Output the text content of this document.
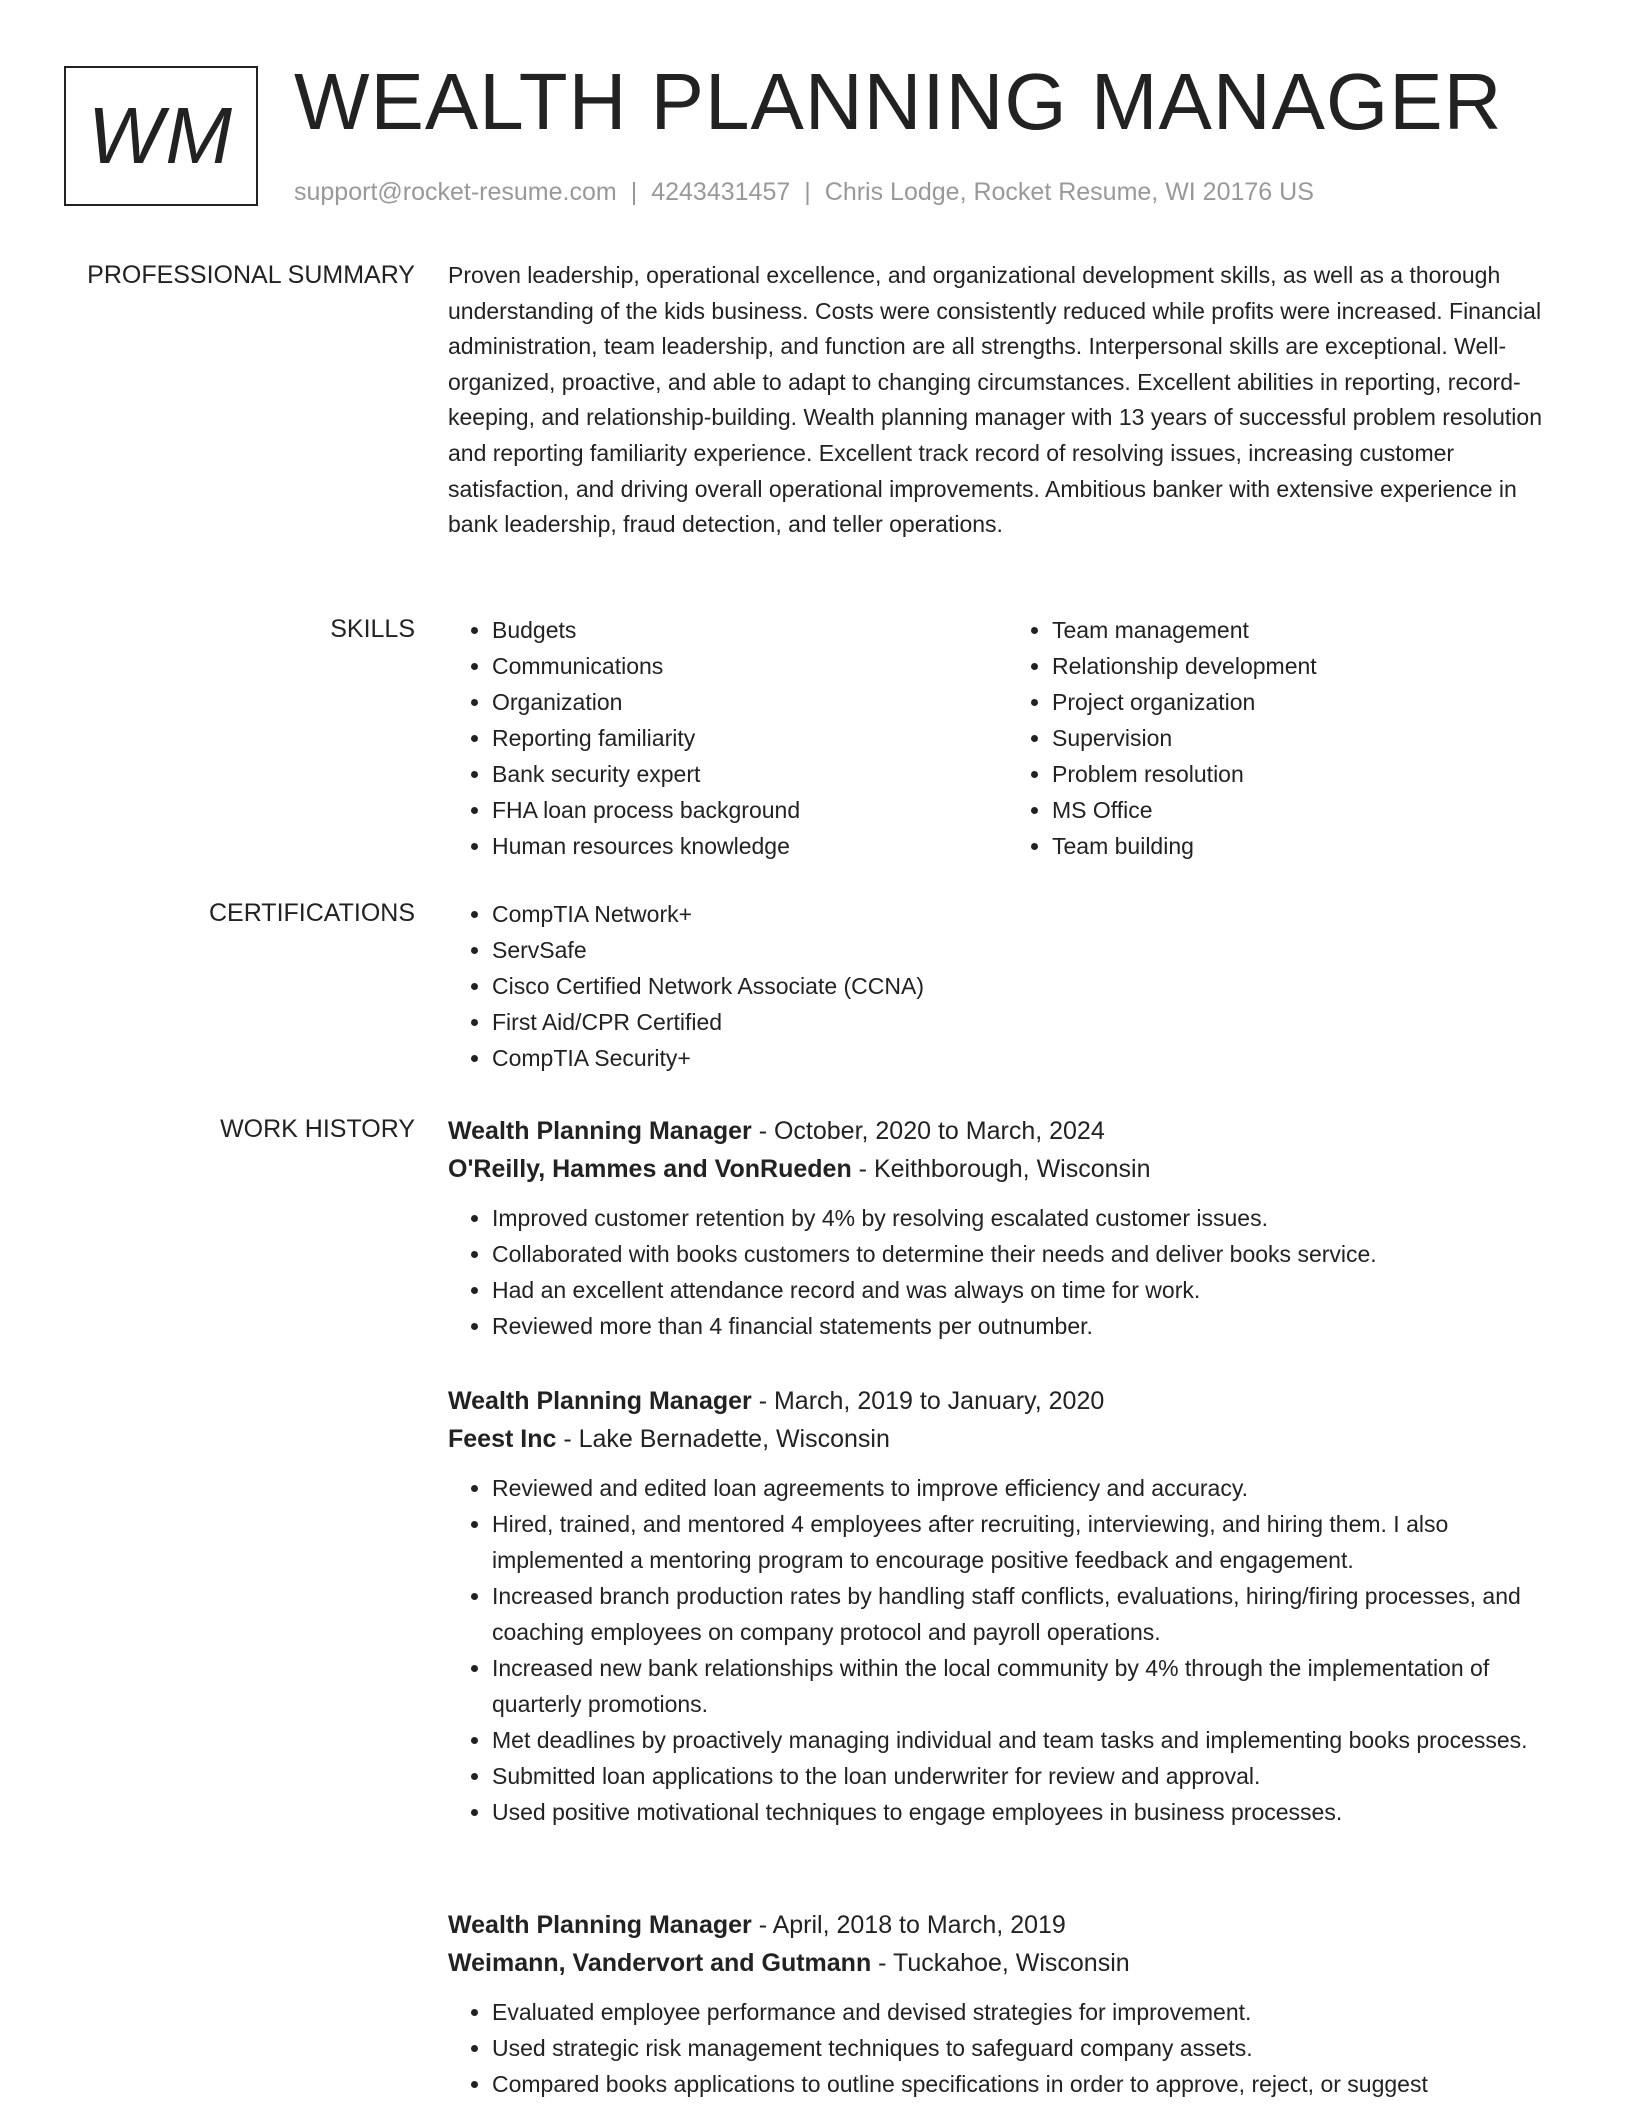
WM WEALTH PLANNING MANAGER
support@rocket-resume.com | 4243431457 | Chris Lodge, Rocket Resume, WI 20176 US
PROFESSIONAL SUMMARY Proven leadership, operational excellence, and organizational development skills, as well as a thorough understanding of the kids business. Costs were consistently reduced while profits were increased. Financial administration, team leadership, and function are all strengths. Interpersonal skills are exceptional. Well-organized, proactive, and able to adapt to changing circumstances. Excellent abilities in reporting, record-keeping, and relationship-building. Wealth planning manager with 13 years of successful problem resolution and reporting familiarity experience. Excellent track record of resolving issues, increasing customer satisfaction, and driving overall operational improvements. Ambitious banker with extensive experience in bank leadership, fraud detection, and teller operations.
SKILLS	• Budgets
• Communications
• Organization
• Reporting familiarity
• Bank security expert
• FHA loan process background
• Human resources knowledge
• Team management
• Relationship development
• Project organization
• Supervision
• Problem resolution
• MS Office
• Team building
CERTIFICATIONS	• CompTIA Network+
• ServSafe
• Cisco Certified Network Associate (CCNA)
• First Aid/CPR Certified
• CompTIA Security+
WORK HISTORY Wealth Planning Manager - October, 2020 to March, 2024
O'Reilly, Hammes and VonRueden - Keithborough, Wisconsin
• Improved customer retention by 4% by resolving escalated customer issues.
• Collaborated with books customers to determine their needs and deliver books service.
• Had an excellent attendance record and was always on time for work.
• Reviewed more than 4 financial statements per outnumber.
Wealth Planning Manager - March, 2019 to January, 2020
Feest Inc - Lake Bernadette, Wisconsin
• Reviewed and edited loan agreements to improve efficiency and accuracy.
• Hired, trained, and mentored 4 employees after recruiting, interviewing, and hiring them. I also implemented a mentoring program to encourage positive feedback and engagement.
• Increased branch production rates by handling staff conflicts, evaluations, hiring/firing processes, and coaching employees on company protocol and payroll operations.
• Increased new bank relationships within the local community by 4% through the implementation of quarterly promotions.
• Met deadlines by proactively managing individual and team tasks and implementing books processes.
• Submitted loan applications to the loan underwriter for review and approval.
• Used positive motivational techniques to engage employees in business processes.
Wealth Planning Manager - April, 2018 to March, 2019
Weimann, Vandervort and Gutmann - Tuckahoe, Wisconsin
• Evaluated employee performance and devised strategies for improvement.
• Used strategic risk management techniques to safeguard company assets.
• Compared books applications to outline specifications in order to approve, reject, or suggest
